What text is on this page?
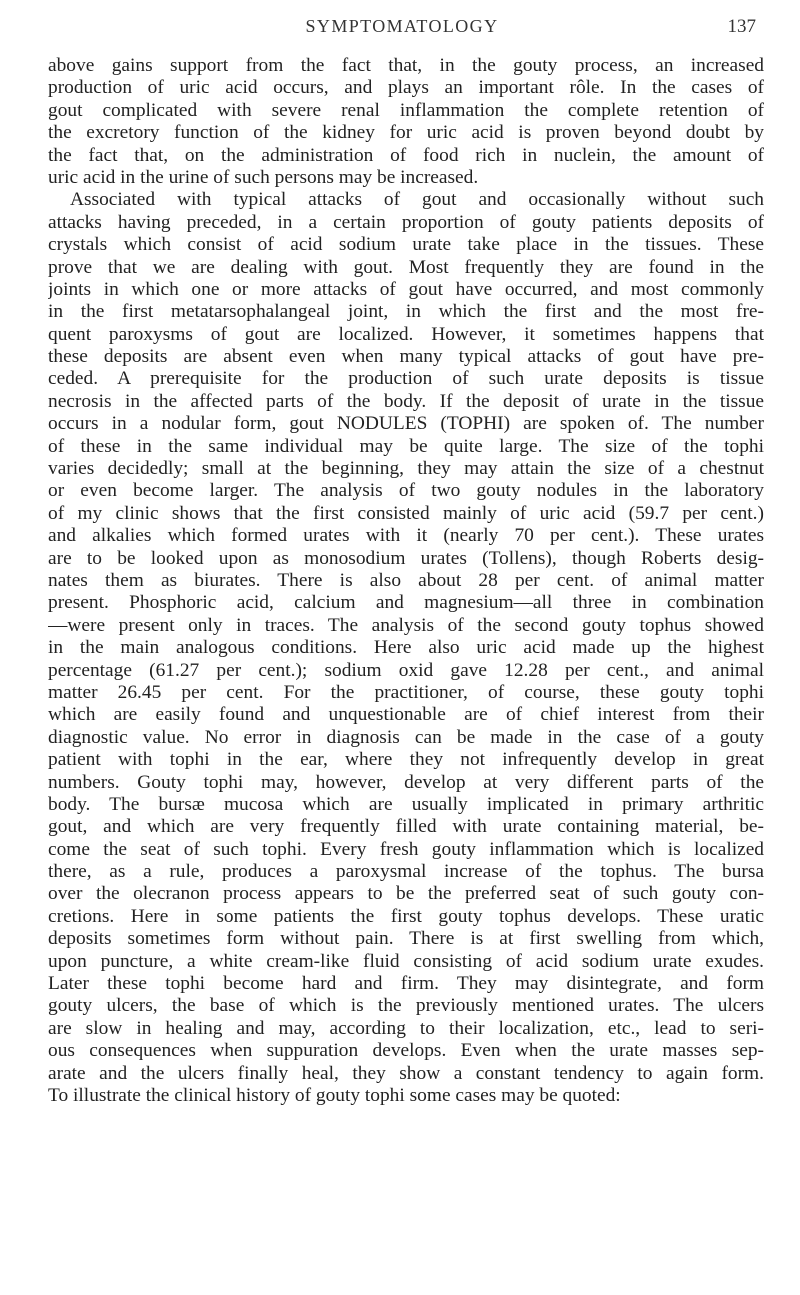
SYMPTOMATOLOGY	137
above gains support from the fact that, in the gouty process, an increased
production of uric acid occurs, and plays an important rôle. In the cases of
gout complicated with severe renal inflammation the complete retention of
the excretory function of the kidney for uric acid is proven beyond doubt by
the fact that, on the administration of food rich in nuclein, the amount of
uric acid in the urine of such persons may be increased.
Associated with typical attacks of gout and occasionally without such
attacks having preceded, in a certain proportion of gouty patients deposits of
crystals which consist of acid sodium urate take place in the tissues. These
prove that we are dealing with gout. Most frequently they are found in the
joints in which one or more attacks of gout have occurred, and most commonly
in the first metatarsophalangeal joint, in which the first and the most fre-
quent paroxysms of gout are localized. However, it sometimes happens that
these deposits are absent even when many typical attacks of gout have pre-
ceded. A prerequisite for the production of such urate deposits is tissue
necrosis in the affected parts of the body. If the deposit of urate in the tissue
occurs in a nodular form, gout NODULES (TOPHI) are spoken of. The number
of these in the same individual may be quite large. The size of the tophi
varies decidedly; small at the beginning, they may attain the size of a chestnut
or even become larger. The analysis of two gouty nodules in the laboratory
of my clinic shows that the first consisted mainly of uric acid (59.7 per cent.)
and alkalies which formed urates with it (nearly 70 per cent.). These urates
are to be looked upon as monosodium urates (Tollens), though Roberts desig-
nates them as biurates. There is also about 28 per cent. of animal matter
present. Phosphoric acid, calcium and magnesium—all three in combination
—were present only in traces. The analysis of the second gouty tophus showed
in the main analogous conditions. Here also uric acid made up the highest
percentage (61.27 per cent.); sodium oxid gave 12.28 per cent., and animal
matter 26.45 per cent. For the practitioner, of course, these gouty tophi
which are easily found and unquestionable are of chief interest from their
diagnostic value. No error in diagnosis can be made in the case of a gouty
patient with tophi in the ear, where they not infrequently develop in great
numbers. Gouty tophi may, however, develop at very different parts of the
body. The bursæ mucosa which are usually implicated in primary arthritic
gout, and which are very frequently filled with urate containing material, be-
come the seat of such tophi. Every fresh gouty inflammation which is localized
there, as a rule, produces a paroxysmal increase of the tophus. The bursa
over the olecranon process appears to be the preferred seat of such gouty con-
cretions. Here in some patients the first gouty tophus develops. These uratic
deposits sometimes form without pain. There is at first swelling from which,
upon puncture, a white cream-like fluid consisting of acid sodium urate exudes.
Later these tophi become hard and firm. They may disintegrate, and form
gouty ulcers, the base of which is the previously mentioned urates. The ulcers
are slow in healing and may, according to their localization, etc., lead to seri-
ous consequences when suppuration develops. Even when the urate masses sep-
arate and the ulcers finally heal, they show a constant tendency to again form.
To illustrate the clinical history of gouty tophi some cases may be quoted:
